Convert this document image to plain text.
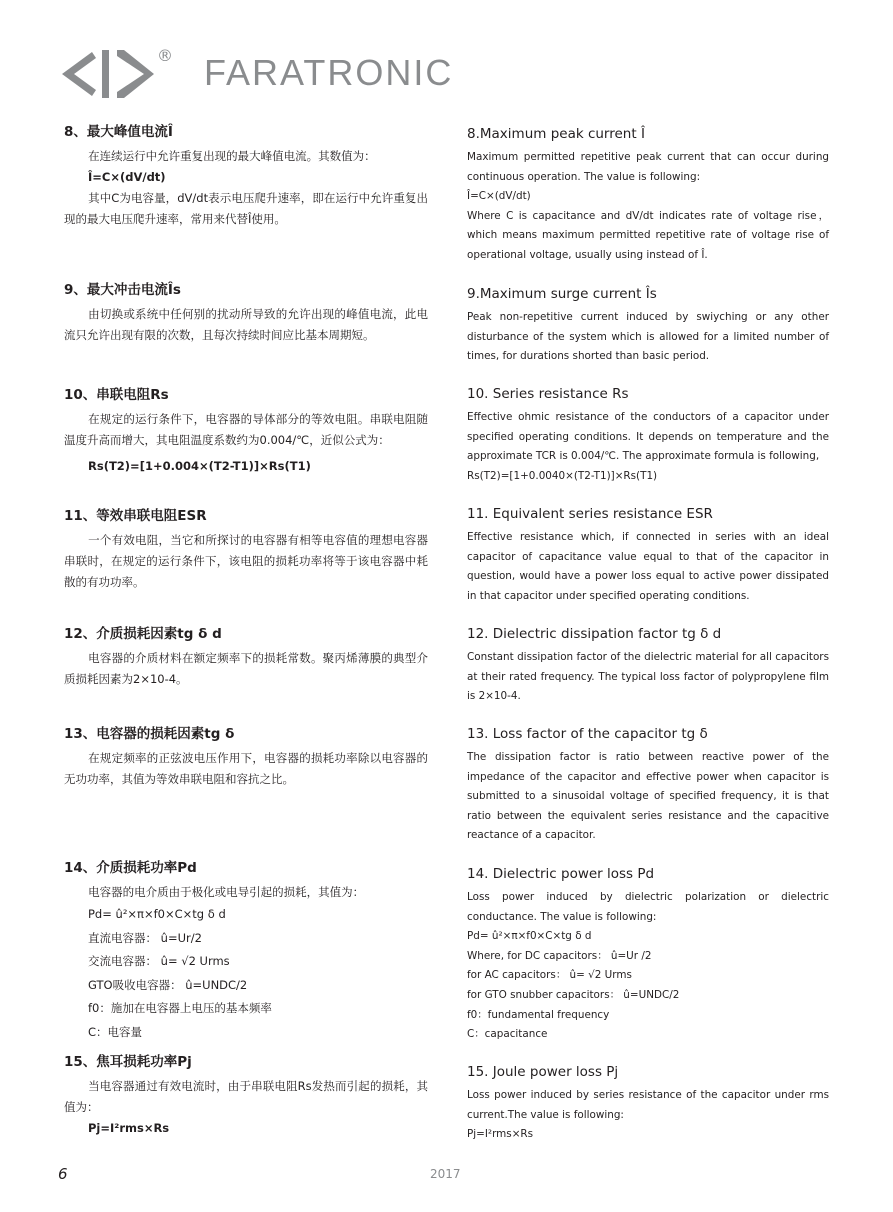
® FARATRONIC
8、最大峰值电流Î

在连续运行中允许重复出现的最大峰值电流。其数值为：

Î=C×(dV/dt)

其中C为电容量，dV/dt表示电压爬升速率，即在运行中允许重复出现的最大电压爬升速率，常用来代替Î使用。

9、最大冲击电流Îs

由切换或系统中任何别的扰动所导致的允许出现的峰值电流，此电流只允许出现有限的次数，且每次持续时间应比基本周期短。

10、串联电阻Rs

在规定的运行条件下，电容器的导体部分的等效电阻。串联电阻随温度升高而增大，其电阻温度系数约为0.004/℃，近似公式为：

Rs(T2)=[1+0.004×(T2-T1)]×Rs(T1)

11、等效串联电阻ESR

一个有效电阻，当它和所探讨的电容器有相等电容值的理想电容器串联时，在规定的运行条件下，该电阻的损耗功率将等于该电容器中耗散的有功功率。

12、介质损耗因素tg δ d

电容器的介质材料在额定频率下的损耗常数。聚丙烯薄膜的典型介质损耗因素为2×10-4。

13、电容器的损耗因素tg δ

在规定频率的正弦波电压作用下，电容器的损耗功率除以电容器的无功功率，其值为等效串联电阻和容抗之比。

14、介质损耗功率Pd

电容器的电介质由于极化或电导引起的损耗，其值为：

Pd= û²×π×f0×C×tg δ d

直流电容器： û=Ur/2

交流电容器： û= √2 Urms

GTO吸收电容器： û=UNDC/2

f0：施加在电容器上电压的基本频率

C：电容量

15、焦耳损耗功率Pj

当电容器通过有效电流时，由于串联电阻Rs发热而引起的损耗，其值为：

Pj=I²rms×Rs

8.Maximum peak current Î

Maximum permitted repetitive peak current that can occur during continuous operation. The value is following:

Î=C×(dV/dt)

Where C is capacitance and dV/dt indicates rate of voltage rise，which means maximum permitted repetitive rate of voltage rise of operational voltage, usually using instead of Î.

9.Maximum surge current Îs

Peak non-repetitive current induced by swiyching or any other disturbance of the system which is allowed for a limited number of times, for durations shorted than basic period.

10. Series resistance Rs

Effective ohmic resistance of the conductors of a capacitor under specified operating conditions. It depends on temperature and the approximate TCR is 0.004/℃. The approximate formula is following,

Rs(T2)=[1+0.0040×(T2-T1)]×Rs(T1)

11. Equivalent series resistance ESR

Effective resistance which, if connected in series with an ideal capacitor of capacitance value equal to that of the capacitor in question, would have a power loss equal to active power dissipated in that capacitor under specified operating conditions.

12. Dielectric dissipation factor tg δ d

Constant dissipation factor of the dielectric material for all capacitors at their rated frequency. The typical loss factor of polypropylene film is 2×10-4.

13. Loss factor of the capacitor tg δ

The dissipation factor is ratio between reactive power of the impedance of the capacitor and effective power when capacitor is submitted to a sinusoidal voltage of specified frequency, it is that ratio between the equivalent series resistance and the capacitive reactance of a capacitor.

14. Dielectric power loss Pd

Loss power induced by dielectric polarization or dielectric conductance. The value is following:

Pd= û²×π×f0×C×tg δ d

Where, for DC capacitors： û=Ur /2

for AC capacitors： û= √2 Urms

for GTO snubber capacitors： û=UNDC/2

f0：fundamental frequency

C：capacitance

15. Joule power loss Pj

Loss power induced by series resistance of the capacitor under rms current.The value is following:

Pj=I²rms×Rs

6	2017
